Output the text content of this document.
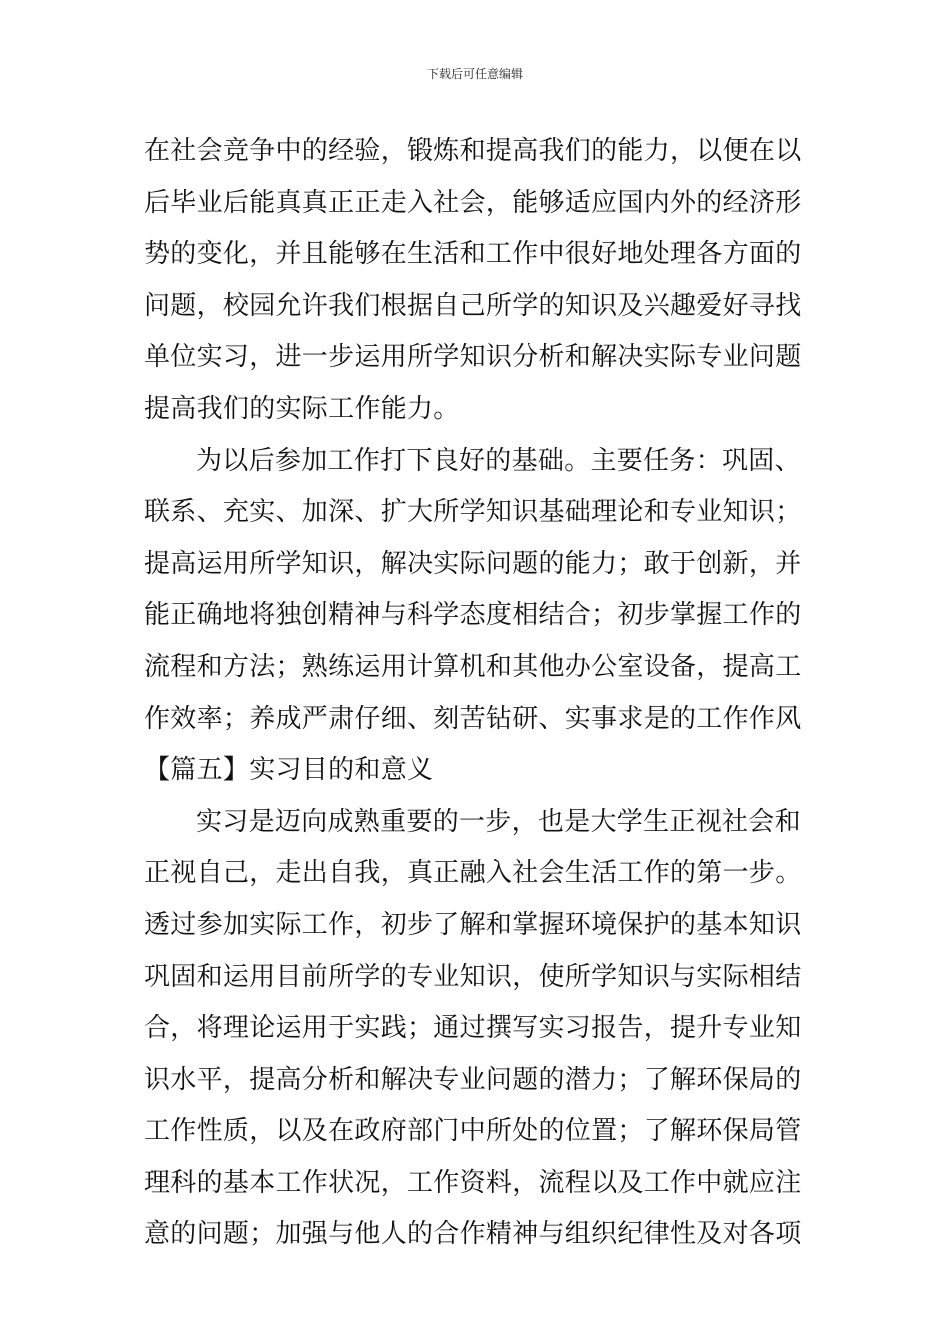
下载后可任意编辑
在社会竞争中的经验，锻炼和提高我们的能力，以便在以
后毕业后能真真正正走入社会，能够适应国内外的经济形
势的变化，并且能够在生活和工作中很好地处理各方面的
问题，校园允许我们根据自己所学的知识及兴趣爱好寻找
单位实习，进一步运用所学知识分析和解决实际专业问题
提高我们的实际工作能力。
为以后参加工作打下良好的基础。主要任务：巩固、
联系、充实、加深、扩大所学知识基础理论和专业知识；
提高运用所学知识，解决实际问题的能力；敢于创新，并
能正确地将独创精神与科学态度相结合；初步掌握工作的
流程和方法；熟练运用计算机和其他办公室设备，提高工
作效率；养成严肃仔细、刻苦钻研、实事求是的工作作风
【篇五】实习目的和意义
实习是迈向成熟重要的一步，也是大学生正视社会和
正视自己，走出自我，真正融入社会生活工作的第一步。
透过参加实际工作，初步了解和掌握环境保护的基本知识
巩固和运用目前所学的专业知识，使所学知识与实际相结
合，将理论运用于实践；通过撰写实习报告，提升专业知
识水平，提高分析和解决专业问题的潜力；了解环保局的
工作性质，以及在政府部门中所处的位置；了解环保局管
理科的基本工作状况，工作资料，流程以及工作中就应注
意的问题；加强与他人的合作精神与组织纪律性及对各项
